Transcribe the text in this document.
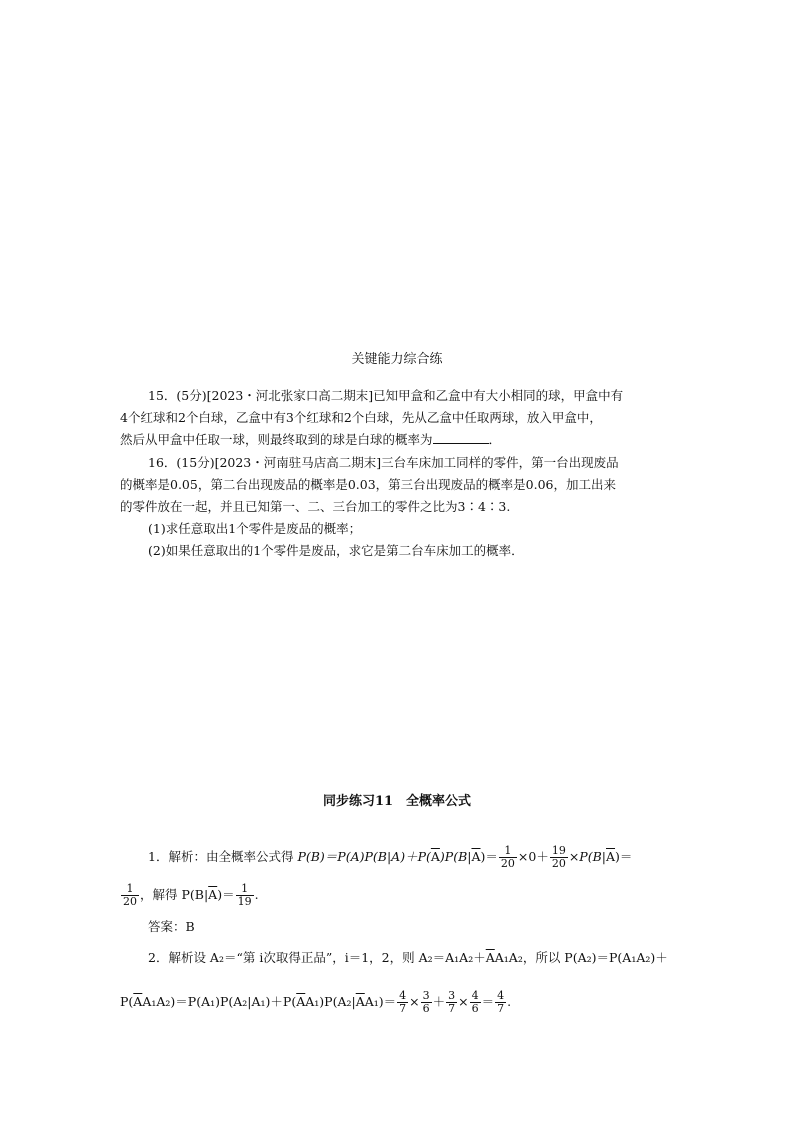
关键能力综合练
15．(5分)[2023・河北张家口高二期末]已知甲盒和乙盒中有大小相同的球，甲盒中有
4个红球和2个白球，乙盒中有3个红球和2个白球，先从乙盒中任取两球，放入甲盒中，
然后从甲盒中任取一球，则最终取到的球是白球的概率为	．
16．(15分)[2023・河南驻马店高二期末]三台车床加工同样的零件，第一台出现废品
的概率是0.05，第二台出现废品的概率是0.03，第三台出现废品的概率是0.06，加工出来
的零件放在一起，并且已知第一、二、三台加工的零件之比为3∶4∶3.
(1)求任意取出1个零件是废品的概率；
(2)如果任意取出的1个零件是废品，求它是第二台车床加工的概率．
同步练习11　全概率公式
1．解析：由全概率公式得 $P(B)=P(A)P(B|A)+P(\overline{A})P(B|\overline{A})= \frac{1}{20} \times 0+ \frac{19}{20} \times P(B|\overline{A})=$
$\frac{1}{20}$ ，解得 $P(B|\overline{A})= \frac{1}{19}$ .
答案：B
2．解析设 A₂＝“第 i次取得正品”，i＝1，2，则 $A_2=A_1A_2+\overline{A}A_1A_2$，所以 P(A₂)＝P(A₁A₂)＋
$P(\overline{A}A_1A_2)=P(A_1)P(A_2|A_1)+P(\overline{A}A_1)P(A_2|\overline{A}A_1)= \frac{4}{7} \times \frac{3}{6} + \frac{3}{7} \times \frac{4}{6} = \frac{4}{7}$ .
